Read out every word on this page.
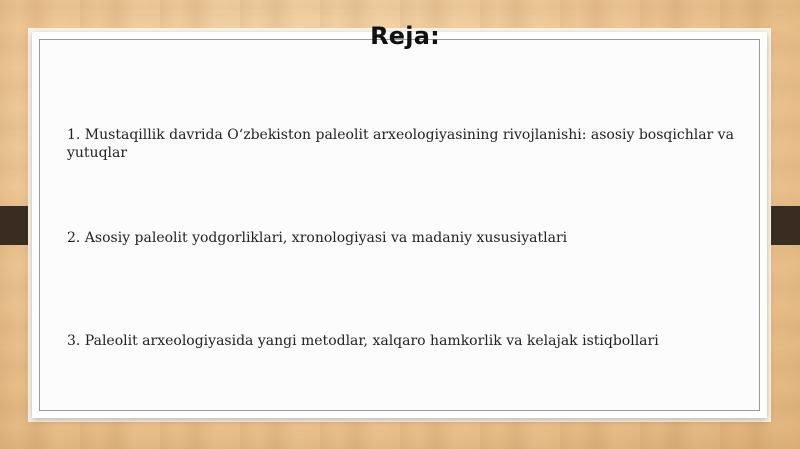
Reja:
1. Mustaqillik davrida O‘zbekiston paleolit arxeologiyasining rivojlanishi: asosiy bosqichlar va yutuqlar
2. Asosiy paleolit yodgorliklari, xronologiyasi va madaniy xususiyatlari
3. Paleolit arxeologiyasida yangi metodlar, xalqaro hamkorlik va kelajak istiqbollari
